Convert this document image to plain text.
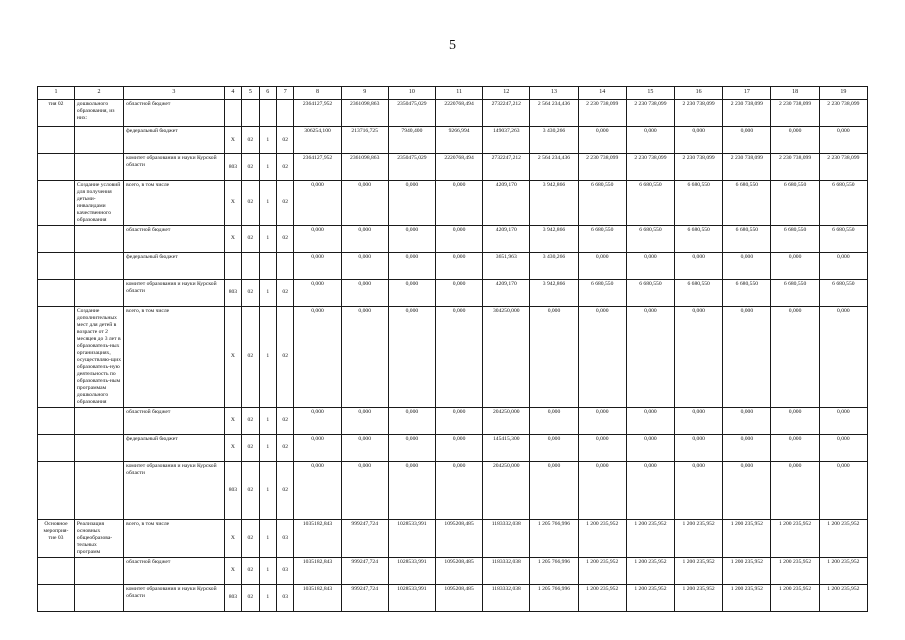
5
1	2	3	4	5	6	7	8	9	10	11	12	13	14	15	16	17	18	19
тия 02	дошкольного образования, из них:	областной бюджет					2364127,952	2361098,863	2350475,029	2220768,494	2732247,212	2 564 234,436	2 230 738,099	2 230 738,099	2 230 738,099	2 230 738,099	2 230 738,099	2 230 738,099
		федеральный бюджет	X	02	1	02	306254,100	213716,725	7940,400	9266,994	149037,263	3 430,266	0,000	0,000	0,000	0,000	0,000	0,000
		комитет образования и науки Курской области	803	02	1	02	2364127,952	2361098,863	2350475,029	2220768,494	2732247,212	2 564 234,436	2 230 738,099	2 230 738,099	2 230 738,099	2 230 738,099	2 230 738,099	2 230 738,099
	Создание условий для получения детьми-инвалидами качественного образования	всего, в том числе	X	02	1	02	0,000	0,000	0,000	0,000	4209,170	3 942,866	6 680,550	6 680,550	6 680,550	6 680,550	6 680,550	6 680,550
		областной бюджет	X	02	1	02	0,000	0,000	0,000	0,000	4209,170	3 942,866	6 680,550	6 680,550	6 680,550	6 680,550	6 680,550	6 680,550
		федеральный бюджет					0,000	0,000	0,000	0,000	3651,963	3 430,266	0,000	0,000	0,000	0,000	0,000	0,000
		комитет образования и науки Курской области	803	02	1	02	0,000	0,000	0,000	0,000	4209,170	3 942,866	6 680,550	6 680,550	6 680,550	6 680,550	6 680,550	6 680,550
	Создание дополнительных мест для детей в возрасте от 2 месяцев до 3 лет в образователь-ных организациях, осуществляю-щих образователь-ную деятельность по образователь-ным программам дошкольного образования	всего, в том числе	X	02	1	02	0,000	0,000	0,000	0,000	304250,000	0,000	0,000	0,000	0,000	0,000	0,000	0,000
		областной бюджет	X	02	1	02	0,000	0,000	0,000	0,000	204250,000	0,000	0,000	0,000	0,000	0,000	0,000	0,000
		федеральный бюджет	X	02	1	02	0,000	0,000	0,000	0,000	145415,300	0,000	0,000	0,000	0,000	0,000	0,000	0,000
		комитет образования и науки Курской области	803	02	1	02	0,000	0,000	0,000	0,000	204250,000	0,000	0,000	0,000	0,000	0,000	0,000	0,000
Основное мероприя-тие 03	Реализация основных общеобразова-тельных программ	всего, в том числе	X	02	1	03	1035182,843	999247,724	1028533,991	1095208,485	1183332,038	1 205 766,996	1 200 235,952	1 200 235,952	1 200 235,952	1 200 235,952	1 200 235,952	1 200 235,952
		областной бюджет	X	02	1	03	1035182,843	999247,724	1028533,991	1095208,485	1183332,038	1 205 766,996	1 200 235,952	1 200 235,952	1 200 235,952	1 200 235,952	1 200 235,952	1 200 235,952
		комитет образования и науки Курской области	803	02	1	03	1035182,843	999247,724	1028533,991	1095208,485	1183332,038	1 205 766,996	1 200 235,952	1 200 235,952	1 200 235,952	1 200 235,952	1 200 235,952	1 200 235,952
